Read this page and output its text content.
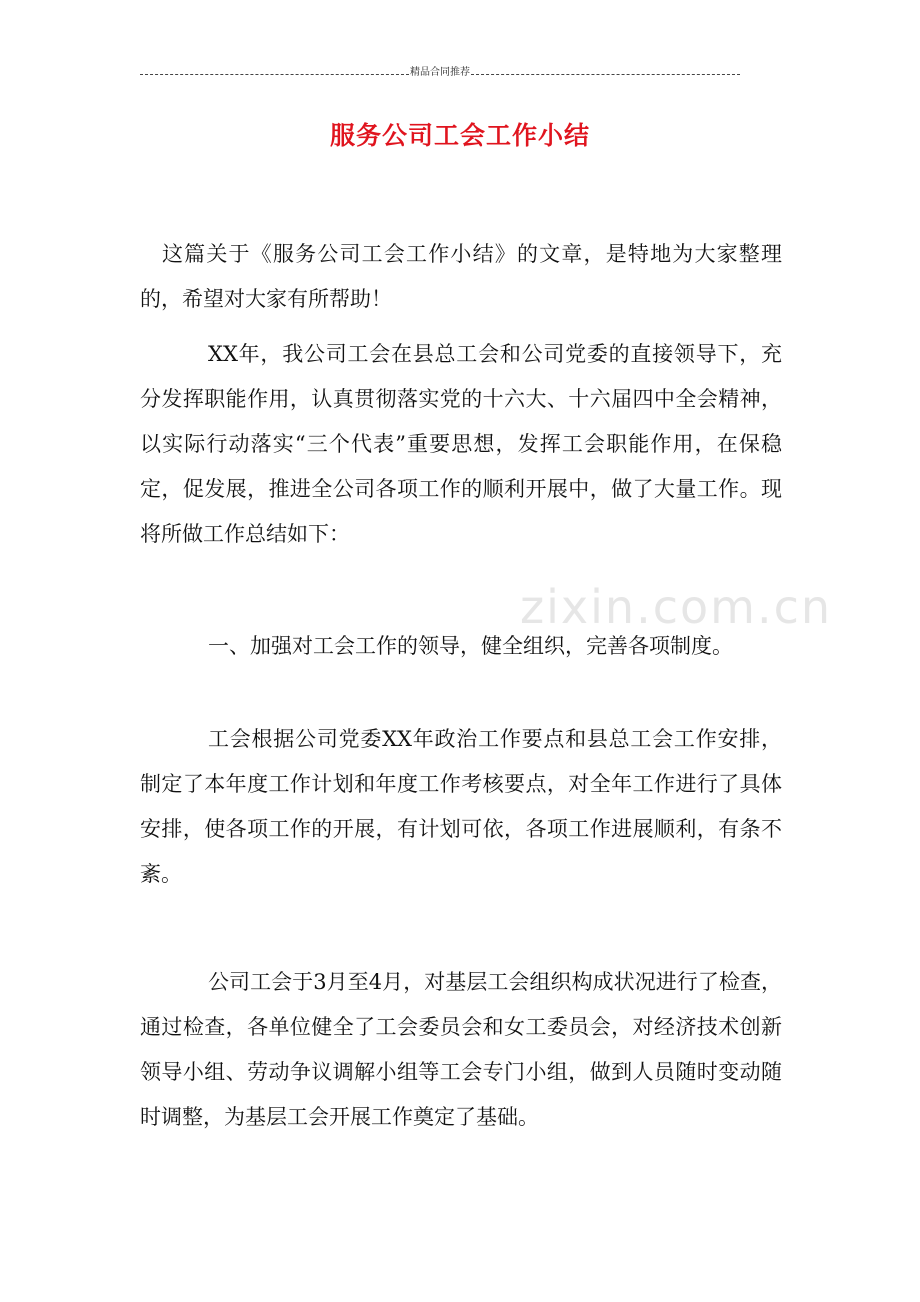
精品合同推荐
zixin.com.cn
服务公司工会工作小结

这篇关于《服务公司工会工作小结》的文章，是特地为大家整理的，希望对大家有所帮助！

XX年，我公司工会在县总工会和公司党委的直接领导下，充分发挥职能作用，认真贯彻落实党的十六大、十六届四中全会精神，以实际行动落实“三个代表”重要思想，发挥工会职能作用，在保稳定，促发展，推进全公司各项工作的顺利开展中，做了大量工作。现将所做工作总结如下：

一、加强对工会工作的领导，健全组织，完善各项制度。

工会根据公司党委XX年政治工作要点和县总工会工作安排，制定了本年度工作计划和年度工作考核要点，对全年工作进行了具体安排，使各项工作的开展，有计划可依，各项工作进展顺利，有条不紊。

公司工会于3月至4月，对基层工会组织构成状况进行了检查，通过检查，各单位健全了工会委员会和女工委员会，对经济技术创新领导小组、劳动争议调解小组等工会专门小组，做到人员随时变动随时调整，为基层工会开展工作奠定了基础。
